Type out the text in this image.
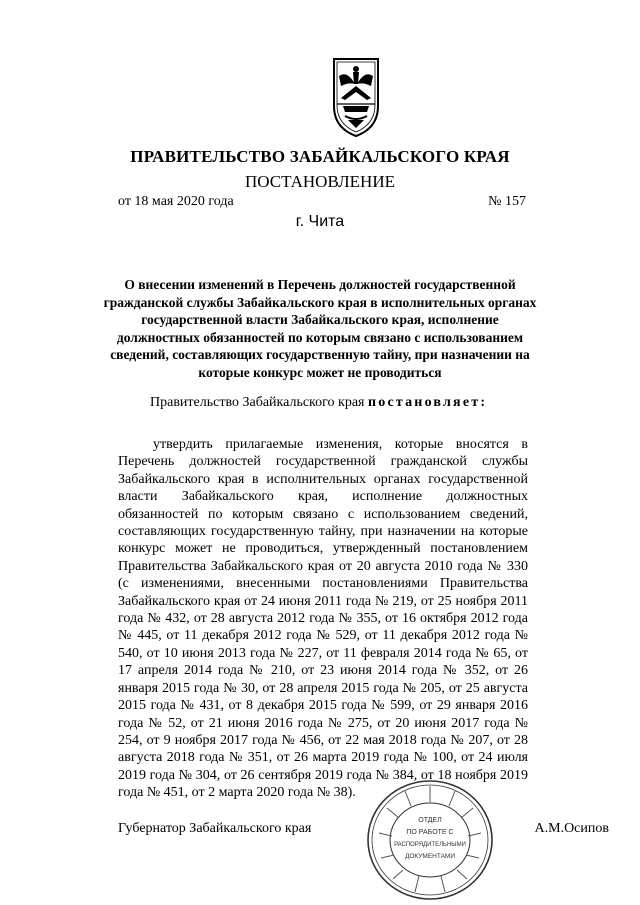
ПРАВИТЕЛЬСТВО ЗАБАЙКАЛЬСКОГО КРАЯ
ПОСТАНОВЛЕНИЕ
от 18 мая 2020 года	№ 157
г. Чита
О внесении изменений в Перечень должностей государственной гражданской службы Забайкальского края в исполнительных органах государственной власти Забайкальского края, исполнение должностных обязанностей по которым связано с использованием сведений, составляющих государственную тайну, при назначении на которые конкурс может не проводиться
Правительство Забайкальского края постановляет:
утвердить прилагаемые изменения, которые вносятся в Перечень должностей государственной гражданской службы Забайкальского края в исполнительных органах государственной власти Забайкальского края, исполнение должностных обязанностей по которым связано с использованием сведений, составляющих государственную тайну, при назначении на которые конкурс может не проводиться, утвержденный постановлением Правительства Забайкальского края от 20 августа 2010 года № 330 (с изменениями, внесенными постановлениями Правительства Забайкальского края от 24 июня 2011 года № 219, от 25 ноября 2011 года № 432, от 28 августа 2012 года № 355, от 16 октября 2012 года № 445, от 11 декабря 2012 года № 529, от 11 декабря 2012 года № 540, от 10 июня 2013 года № 227, от 11 февраля 2014 года № 65, от 17 апреля 2014 года № 210, от 23 июня 2014 года № 352, от 26 января 2015 года № 30, от 28 апреля 2015 года № 205, от 25 августа 2015 года № 431, от 8 декабря 2015 года № 599, от 29 января 2016 года № 52, от 21 июня 2016 года № 275, от 20 июня 2017 года № 254, от 9 ноября 2017 года № 456, от 22 мая 2018 года № 207, от 28 августа 2018 года № 351, от 26 марта 2019 года № 100, от 24 июля 2019 года № 304, от 26 сентября 2019 года № 384, от 18 ноября 2019 года № 451, от 2 марта 2020 года № 38).
Губернатор Забайкальского края
ОТДЕЛ
ПО РАБОТЕ С
РАСПОРЯДИТЕЛЬНЫМИ
ДОКУМЕНТАМИ
А.М.Осипов
